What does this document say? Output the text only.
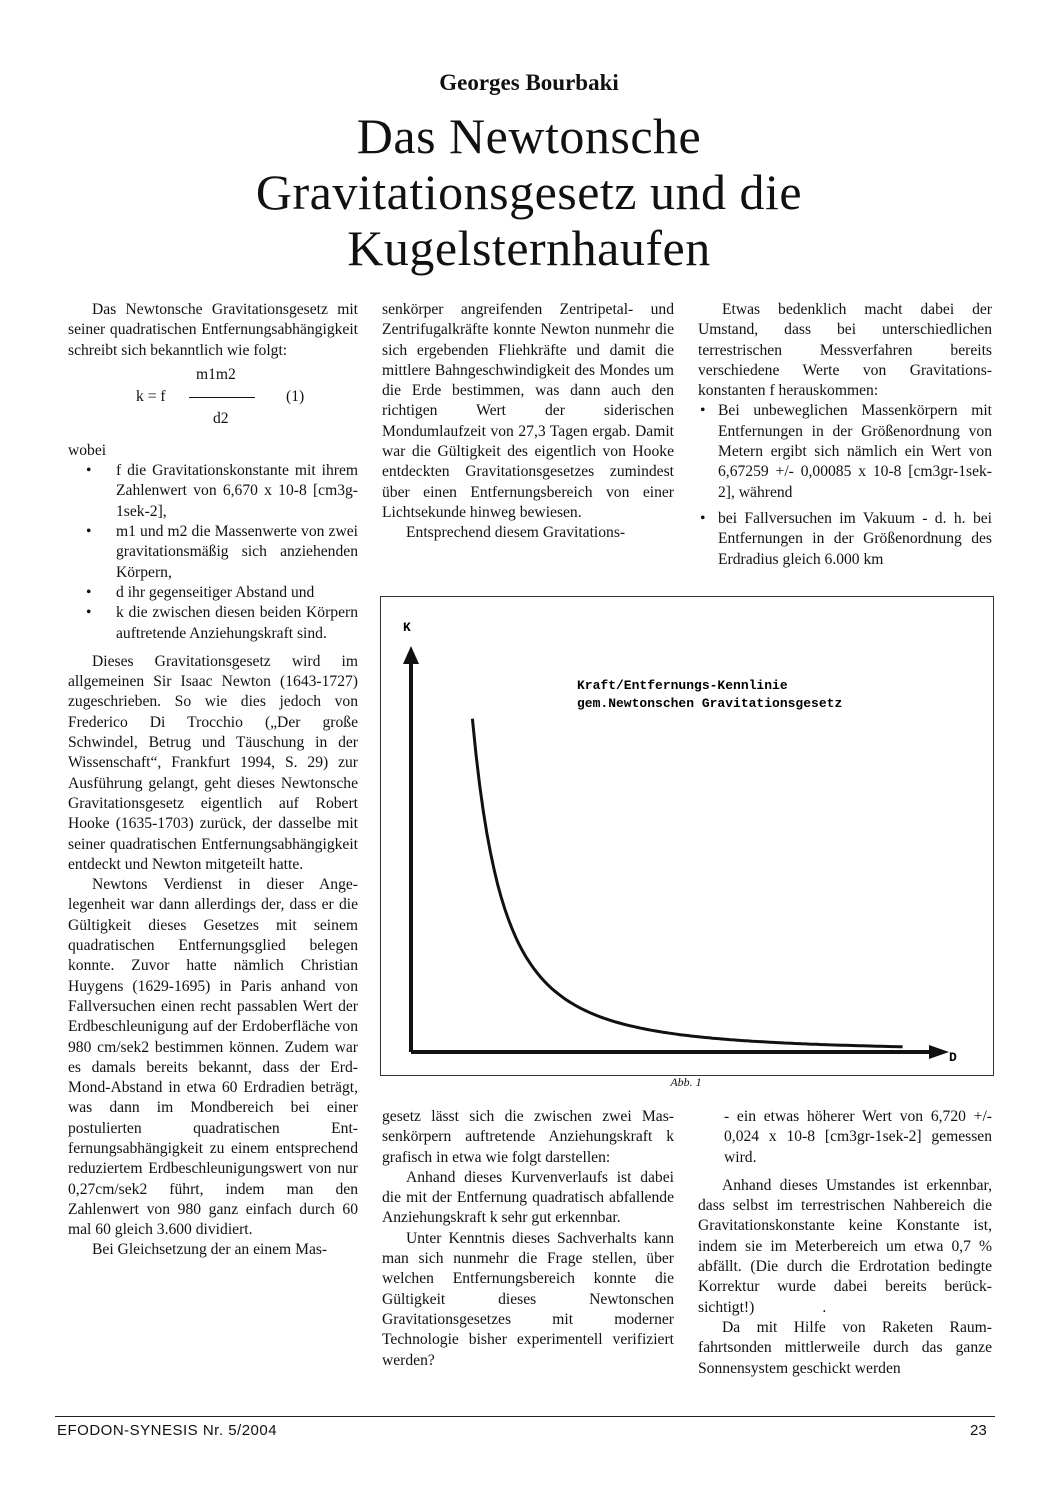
Georges Bourbaki
Das Newtonsche
Gravitationsgesetz und die
Kugelsternhaufen

Das Newtonsche Gravitationsgesetz mit seiner quadratischen Entfernungsabhängigkeit schreibt sich bekanntlich wie folgt:

m1m2
k = f
d2
(1)

wobei

• f die Gravitationskonstante mit ihrem Zahlenwert von 6,670 x 10-8 [cm3g-1sek-2],
• m1 und m2 die Massenwerte von zwei gravitationsmäßig sich anziehenden Körpern,
• d ihr gegenseitiger Abstand und
• k die zwischen diesen beiden Körpern auftretende Anziehungskraft sind.

Dieses Gravitationsgesetz wird im allgemeinen Sir Isaac Newton (1643-1727) zugeschrieben. So wie dies jedoch von Frederico Di Trocchio („Der große Schwindel, Betrug und Täuschung in der Wissenschaft“, Frankfurt 1994, S. 29) zur Ausführung gelangt, geht dieses Newtonsche Gravitationsgesetz eigentlich auf Robert Hooke (1635-1703) zurück, der dasselbe mit seiner quadratischen Entfernungsabhängigkeit entdeckt und Newton mitgeteilt hatte.

Newtons Verdienst in dieser Angelegenheit war dann allerdings der, dass er die Gültigkeit dieses Gesetzes mit seinem quadratischen Entfernungsglied belegen konnte. Zuvor hatte nämlich Christian Huygens (1629-1695) in Paris anhand von Fallversuchen einen recht passablen Wert der Erdbeschleunigung auf der Erdoberfläche von 980 cm/sek2 bestimmen können. Zudem war es damals bereits bekannt, dass der Erd-Mond-Abstand in etwa 60 Erdradien beträgt, was dann im Mondbereich bei einer postulierten quadratischen Entfernungsabhängigkeit zu einem entsprechend reduziertem Erdbeschleunigungswert von nur 0,27cm/sek2 führt, indem man den Zahlenwert von 980 ganz einfach durch 60 mal 60 gleich 3.600 dividiert.

Bei Gleichsetzung der an einem Mas-

senkörper angreifenden Zentripetal- und Zentrifugalkräfte konnte Newton nunmehr die sich ergebenden Fliehkräfte und damit die mittlere Bahngeschwindigkeit des Mondes um die Erde bestimmen, was dann auch den richtigen Wert der siderischen Mondumlaufzeit von 27,3 Tagen ergab. Damit war die Gültigkeit des eigentlich von Hooke entdeckten Gravitationsgesetzes zumindest über einen Entfernungsbereich von einer Lichtsekunde hinweg bewiesen.

Entsprechend diesem Gravitations-

Etwas bedenklich macht dabei der Umstand, dass bei unterschiedlichen terrestrischen Messverfahren bereits verschiedene Werte von Gravitationskonstanten f herauskommen:

• Bei unbeweglichen Massenkörpern mit Entfernungen in der Größenordnung von Metern ergibt sich nämlich ein Wert von 6,67259 +/- 0,00085 x 10-8 [cm3gr-1sek-2], während
• bei Fallversuchen im Vakuum - d. h. bei Entfernungen in der Größenordnung des Erdradius gleich 6.000 km
K
D
Kraft/Entfernungs-Kennlinie
gem.Newtonschen Gravitationsgesetz
Abb. 1

gesetz lässt sich die zwischen zwei Massenkörpern auftretende Anziehungskraft k grafisch in etwa wie folgt darstellen:

Anhand dieses Kurvenverlaufs ist dabei die mit der Entfernung quadratisch abfallende Anziehungskraft k sehr gut erkennbar.

Unter Kenntnis dieses Sachverhalts kann man sich nunmehr die Frage stellen, über welchen Entfernungsbereich konnte die Gültigkeit dieses Newtonschen Gravitationsgesetzes mit moderner Technologie bisher experimentell verifiziert werden?

- ein etwas höherer Wert von 6,720 +/- 0,024 x 10-8 [cm3gr-1sek-2] gemessen wird.

Anhand dieses Umstandes ist erkennbar, dass selbst im terrestrischen Nahbereich die Gravitationskonstante keine Konstante ist, indem sie im Meterbereich um etwa 0,7 % abfällt. (Die durch die Erdrotation bedingte Korrektur wurde dabei bereits berücksichtigt!)	.

Da mit Hilfe von Raketen Raumfahrtsonden mittlerweile durch das ganze Sonnensystem geschickt werden

EFODON-SYNESIS Nr. 5/2004	23
